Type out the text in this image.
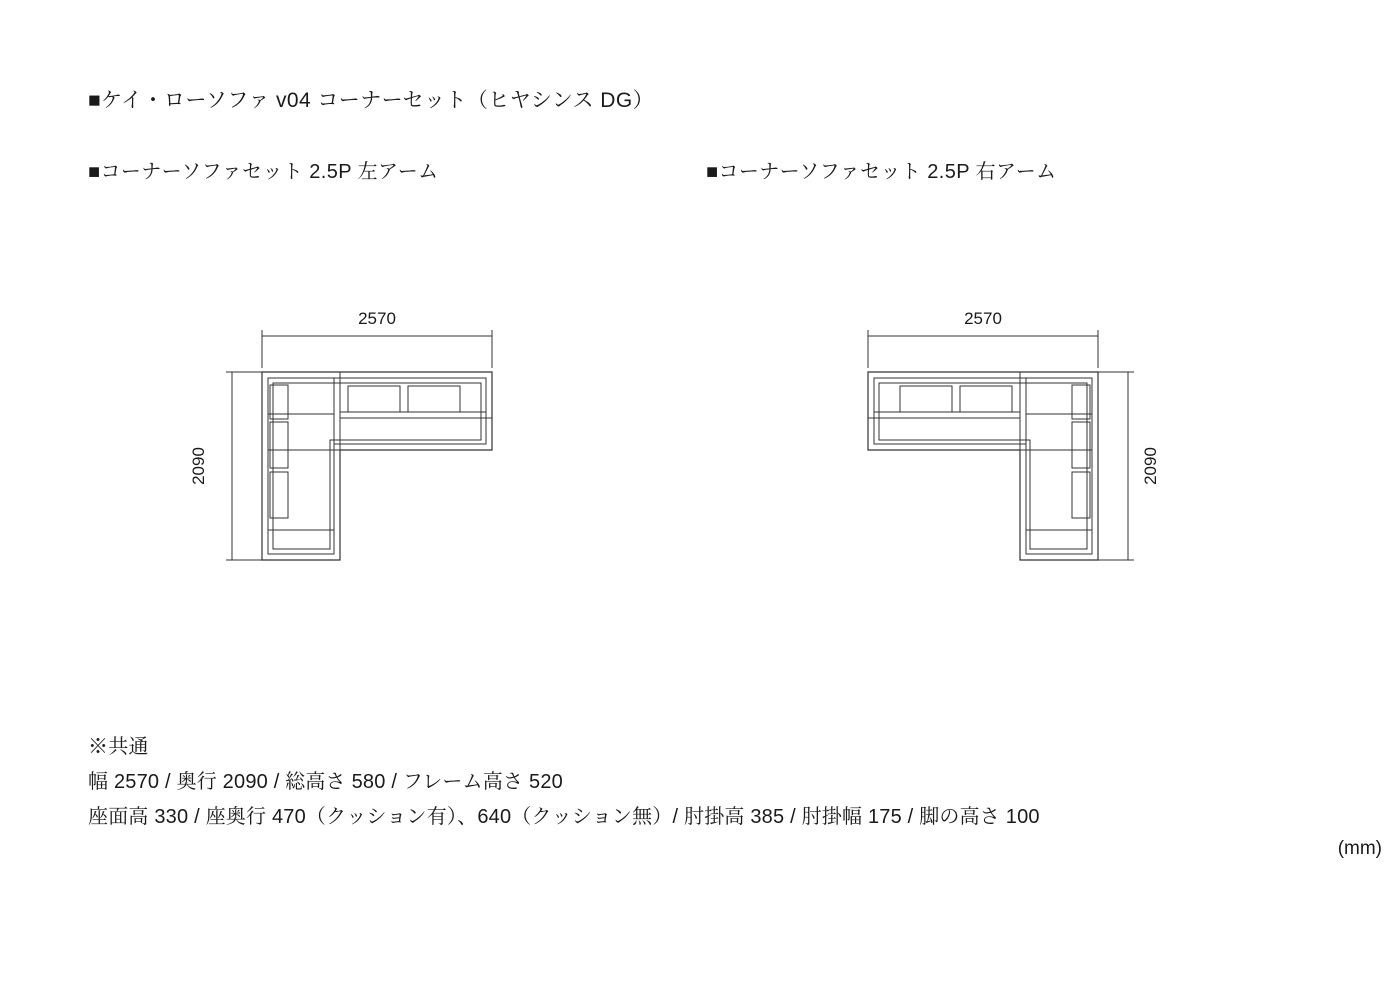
■ケイ・ローソファ v04 コーナーセット（ヒヤシンス DG）
■コーナーソファセット 2.5P 左アーム	■コーナーソファセット 2.5P 右アーム
2570
2090
2570
2090
※共通
幅 2570 / 奥行 2090 / 総高さ 580 / フレーム高さ 520
座面高 330 / 座奥行 470（クッション有）、640（クッション無）/ 肘掛高 385 / 肘掛幅 175 / 脚の高さ 100
(mm)
